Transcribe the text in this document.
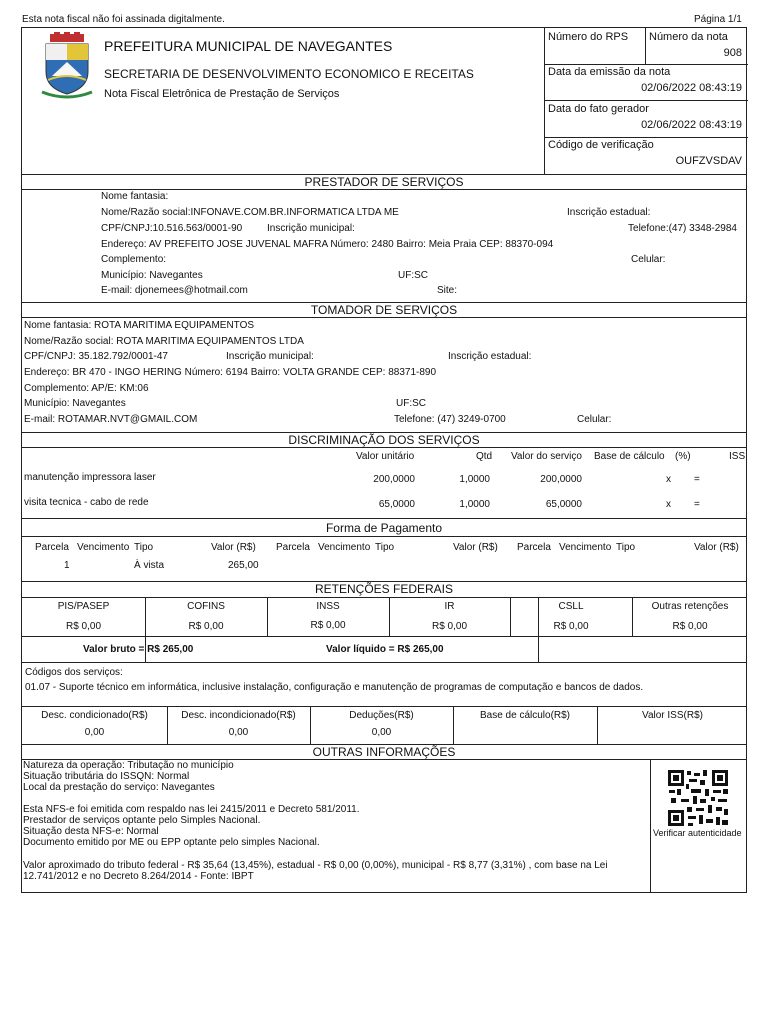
Esta nota fiscal não foi assinada digitalmente.	Página 1/1
PREFEITURA MUNICIPAL DE NAVEGANTES
SECRETARIA DE DESENVOLVIMENTO ECONOMICO E RECEITAS
Nota Fiscal Eletrônica de Prestação de Serviços
Número do RPS Número da nota
908
Data da emissão da nota
02/06/2022 08:43:19
Data do fato gerador
02/06/2022 08:43:19
Código de verificação
OUFZVSDAV
PRESTADOR DE SERVIÇOS
Nome fantasia:
Nome/Razão social:INFONAVE.COM.BR.INFORMATICA LTDA ME	Inscrição estadual:
CPF/CNPJ:10.516.563/0001-90 Inscrição municipal:	Telefone:(47) 3348-2984
Endereço: AV PREFEITO JOSE JUVENAL MAFRA Número: 2480 Bairro: Meia Praia CEP: 88370-094
Complemento:	Celular:
Município: Navegantes	UF:SC
E-mail: djonemees@hotmail.com	Site:
TOMADOR DE SERVIÇOS
Nome fantasia: ROTA MARITIMA EQUIPAMENTOS
Nome/Razão social: ROTA MARITIMA EQUIPAMENTOS LTDA
CPF/CNPJ: 35.182.792/0001-47	Inscrição municipal:	Inscrição estadual:
Endereço: BR 470 - INGO HERING Número: 6194 Bairro: VOLTA GRANDE CEP: 88371-890
Complemento: AP/E: KM:06
Município: Navegantes	UF:SC
E-mail: ROTAMAR.NVT@GMAIL.COM	Telefone: (47) 3249-0700	Celular:
DISCRIMINAÇÃO DOS SERVIÇOS
Valor unitário	Qtd Valor do serviço Base de cálculo (%)	ISS
manutenção impressora laser	200,0000	1,0000	200,0000	x =
visita tecnica - cabo de rede	65,0000	1,0000	65,0000	x =
Forma de Pagamento
Parcela Vencimento Tipo	Valor (R$) Parcela Vencimento Tipo	Valor (R$) Parcela Vencimento Tipo	Valor (R$)
1	À vista	265,00
RETENÇÕES FEDERAIS
PIS/PASEP
R$ 0,00
COFINS
R$ 0,00
INSS
R$ 0,00
IR
R$ 0,00
CSLL
R$ 0,00
Outras retenções
R$ 0,00
Valor bruto = R$ 265,00	Valor líquido = R$ 265,00
Códigos dos serviços:
01.07 - Suporte técnico em informática, inclusive instalação, configuração e manutenção de programas de computação e bancos de dados.
Desc. condicionado(R$)
0,00
Desc. incondicionado(R$)
0,00
Deduções(R$)
0,00
Base de cálculo(R$)	Valor ISS(R$)
OUTRAS INFORMAÇÕES
Natureza da operação: Tributação no município
Situação tributária do ISSQN: Normal
Local da prestação do serviço: Navegantes
Esta NFS-e foi emitida com respaldo nas lei 2415/2011 e Decreto 581/2011.
Prestador de serviços optante pelo Simples Nacional.
Situação desta NFS-e: Normal
Documento emitido por ME ou EPP optante pelo simples Nacional.
Valor aproximado do tributo federal - R$ 35,64 (13,45%), estadual - R$ 0,00 (0,00%), municipal - R$ 8,77 (3,31%) , com base na Lei
12.741/2012 e no Decreto 8.264/2014 - Fonte: IBPT
Verificar autenticidade
